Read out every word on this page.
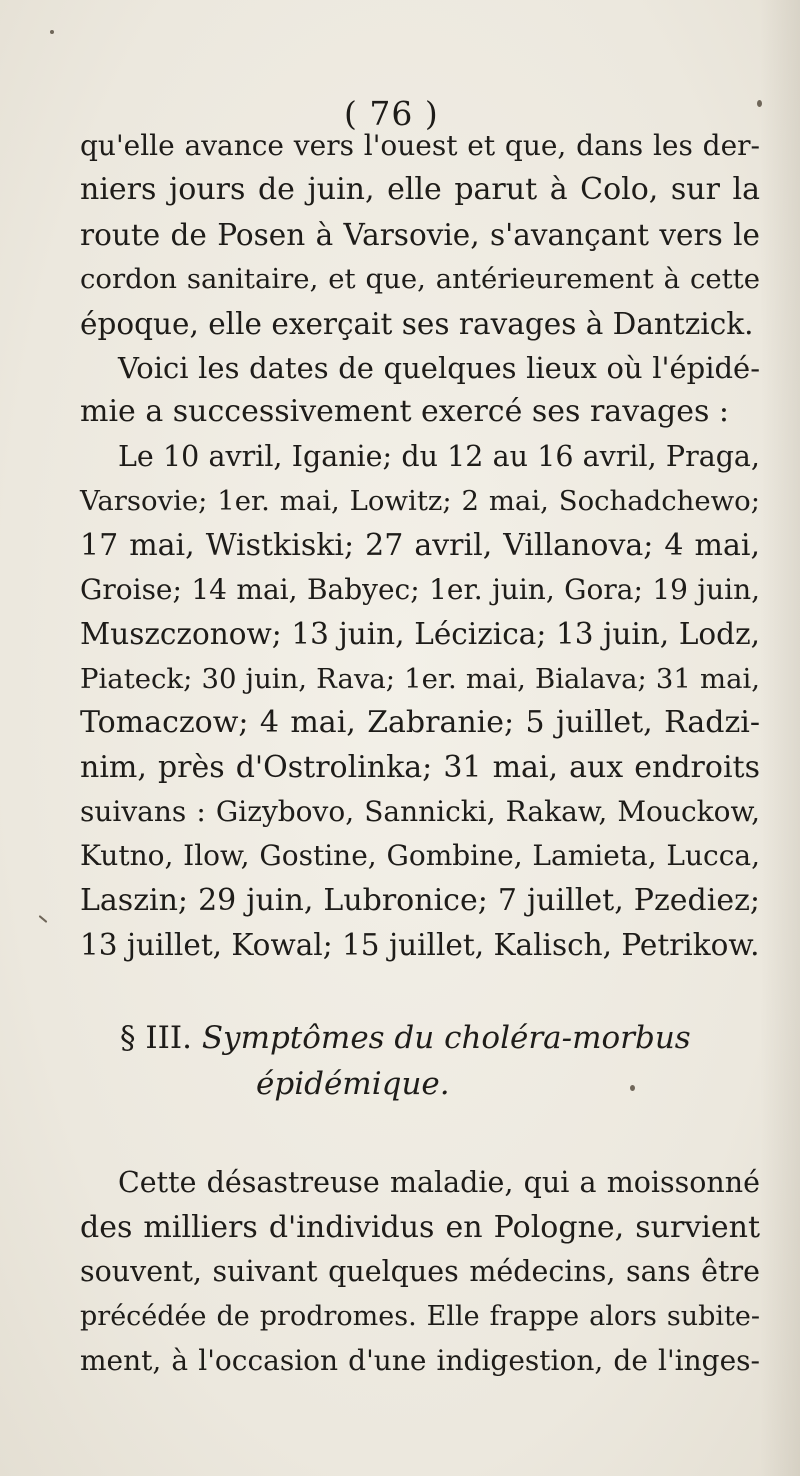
( 76 )
qu'elle avance vers l'ouest et que, dans les der-
niers jours de juin, elle parut à Colo, sur la
route de Posen à Varsovie, s'avançant vers le
cordon sanitaire, et que, antérieurement à cette
époque, elle exerçait ses ravages à Dantzick.
Voici les dates de quelques lieux où l'épidé-
mie a successivement exercé ses ravages :
Le 10 avril, Iganie; du 12 au 16 avril, Praga,
Varsovie; 1er. mai, Lowitz; 2 mai, Sochadchewo;
17 mai, Wistkiski; 27 avril, Villanova; 4 mai,
Groise; 14 mai, Babyec; 1er. juin, Gora; 19 juin,
Muszczonow; 13 juin, Lécizica; 13 juin, Lodz,
Piateck; 30 juin, Rava; 1er. mai, Bialava; 31 mai,
Tomaczow; 4 mai, Zabranie; 5 juillet, Radzi-
nim, près d'Ostrolinka; 31 mai, aux endroits
suivans : Gizybovo, Sannicki, Rakaw, Mouckow,
Kutno, Ilow, Gostine, Gombine, Lamieta, Lucca,
Laszin; 29 juin, Lubronice; 7 juillet, Pzediez;
13 juillet, Kowal; 15 juillet, Kalisch, Petrikow.
§ III. Symptômes du choléra-morbus
épidémique.
Cette désastreuse maladie, qui a moissonné
des milliers d'individus en Pologne, survient
souvent, suivant quelques médecins, sans être
précédée de prodromes. Elle frappe alors subite-
ment, à l'occasion d'une indigestion, de l'inges-
